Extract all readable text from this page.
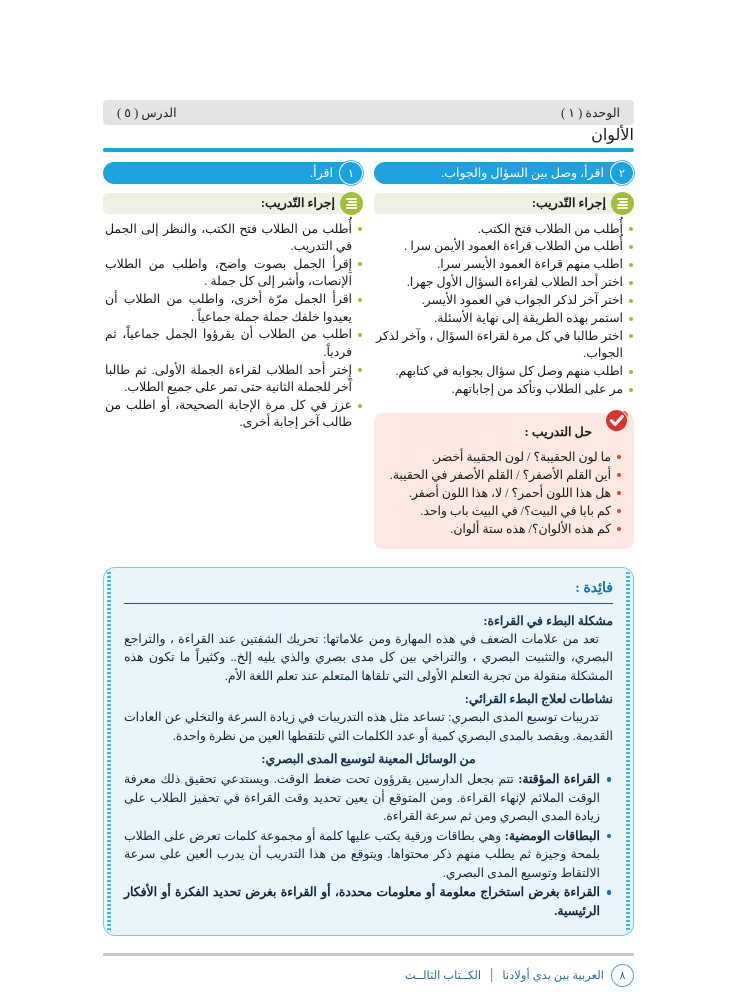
الوحدة ( ١ )
الدرس ( ٥ )
الألوان
اقرأ، وصل بين السؤال والجواب.	٢
إجراء التّدريب:
أُطلب من الطلاب فتح الكتب.
أُطلب من الطلاب قراءة العمود الأيمن سرا .
اطلب منهم قراءة العمود الأيسر سرا.
اختر أحد الطلاب لقراءة السؤال الأول جهرا.
اختر آخر لذكر الجواب في العمود الأيسر.
استمر بهذه الطريقة إلى نهاية الأسئلة.
اختر طالبا في كل مرة لقراءة السؤال ، وآخر لذكر الجواب.
اطلب منهم وصل كل سؤال بجوابه في كتابهم.
مر على الطلاب وتأكد من إجاباتهم.
حل التدريب :
ما لون الحقيبة؟ / لون الحقيبة أخضر.
أين القلم الأصفر؟ / القلم الأصفر في الحقيبة.
هل هذا اللون أحمر؟ / لا، هذا اللون أصفر.
كم بابا في البيت؟/ في البيت باب واحد.
كم هذه الألوان؟/ هذه ستة ألوان.
اقرأ.	١
إجراء التّدريب:
أُطلب من الطلاب فتح الكتب، والنظر إلى الجمل في التدريب.
إِقرأ الجمل بصوت واضح، واطلب من الطلاب الإنصات، وأشر إلى كل جملة .
اقرأ الجمل مرّة أخرى، واطلب من الطلاب أن يعيدوا خلفك جملة جملة جماعياً .
اطلب من الطلاب أن يقرؤوا الجمل جماعياً، ثم فردياً.
إِختر أحد الطلاب لقراءة الجملة الأولى. ثم طالبا آخر للجملة الثانية حتى تمر على جميع الطلاب.
عزز في كل مرة الإجابة الصحيحة، أو اطلب من طالب آخر إجابة أخرى.
فائِدة :
مشكلة البطء في القراءة:

تعد من علامات الضعف في هذه المهارة ومن علاماتها: تحريك الشفتين عند القراءة ، والتراجع البصري، والتثبيت البصري ، والتراخي بين كل مدى بصري والذي يليه إلخ.. وكثيراً ما تكون هذه المشكلة منقولة من تجربة التعلم الأولى التي تلقاها المتعلم عند تعلم اللغة الأم.

نشاطات لعلاج البطء القرائي:

تدريبات توسيع المدى البصري: تساعد مثل هذه التدريبات في زيادة السرعة والتخلي عن العادات القديمة. ويقصد بالمدى البصري كمية أو عدد الكلمات التي تلتقطها العين من نظرة واحدة.

من الوسائل المعينة لتوسيع المدى البصري:
القراءة المؤقتة: تتم بجعل الدارسين يقرؤون تحت ضغط الوقت. ويستدعي تحقيق ذلك معرفة الوقت الملائم لإنهاء القراءة. ومن المتوقع أن يعين تحديد وقت القراءة في تحفيز الطلاب على زيادة المدى البصري ومن ثم سرعة القراءة.
البطاقات الومضية: وهي بطاقات ورقية يكتب عليها كلمة أو مجموعة كلمات تعرض على الطلاب بلمحة وجيزة ثم يطلب منهم ذكر محتواها. ويتوقع من هذا التدريب أن يدرب العين على سرعة الالتقاط وتوسيع المدى البصري.
القراءة بغرض استخراج معلومة أو معلومات محددة، أو القراءة بغرض تحديد الفكرة أو الأفكار الرئيسية.
٨
العربية بين يدي أولادنا
|
الكــتاب الثالــث
